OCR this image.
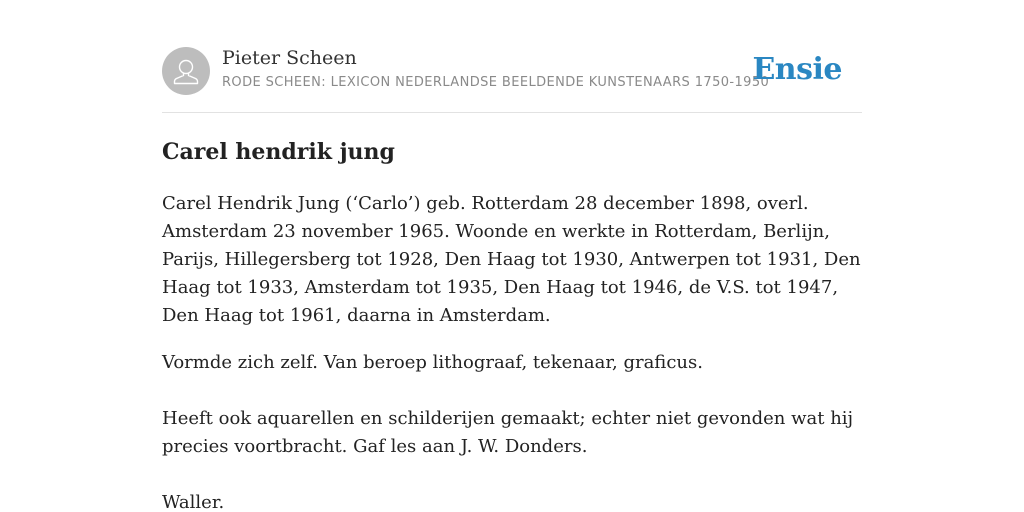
Pieter Scheen
RODE SCHEEN: LEXICON NEDERLANDSE BEELDENDE KUNSTENAARS 1750-1950
Ensie
Carel hendrik jung

Carel Hendrik Jung (‘Carlo’) geb. Rotterdam 28 december 1898, overl. Amsterdam 23 november 1965. Woonde en werkte in Rotterdam, Berlijn, Parijs, Hillegersberg tot 1928, Den Haag tot 1930, Antwerpen tot 1931, Den Haag tot 1933, Amsterdam tot 1935, Den Haag tot 1946, de V.S. tot 1947, Den Haag tot 1961, daarna in Amsterdam.

Vormde zich zelf. Van beroep lithograaf, tekenaar, graficus.

Heeft ook aquarellen en schilderijen gemaakt; echter niet gevonden wat hij precies voortbracht. Gaf les aan J. W. Donders.

Waller.
